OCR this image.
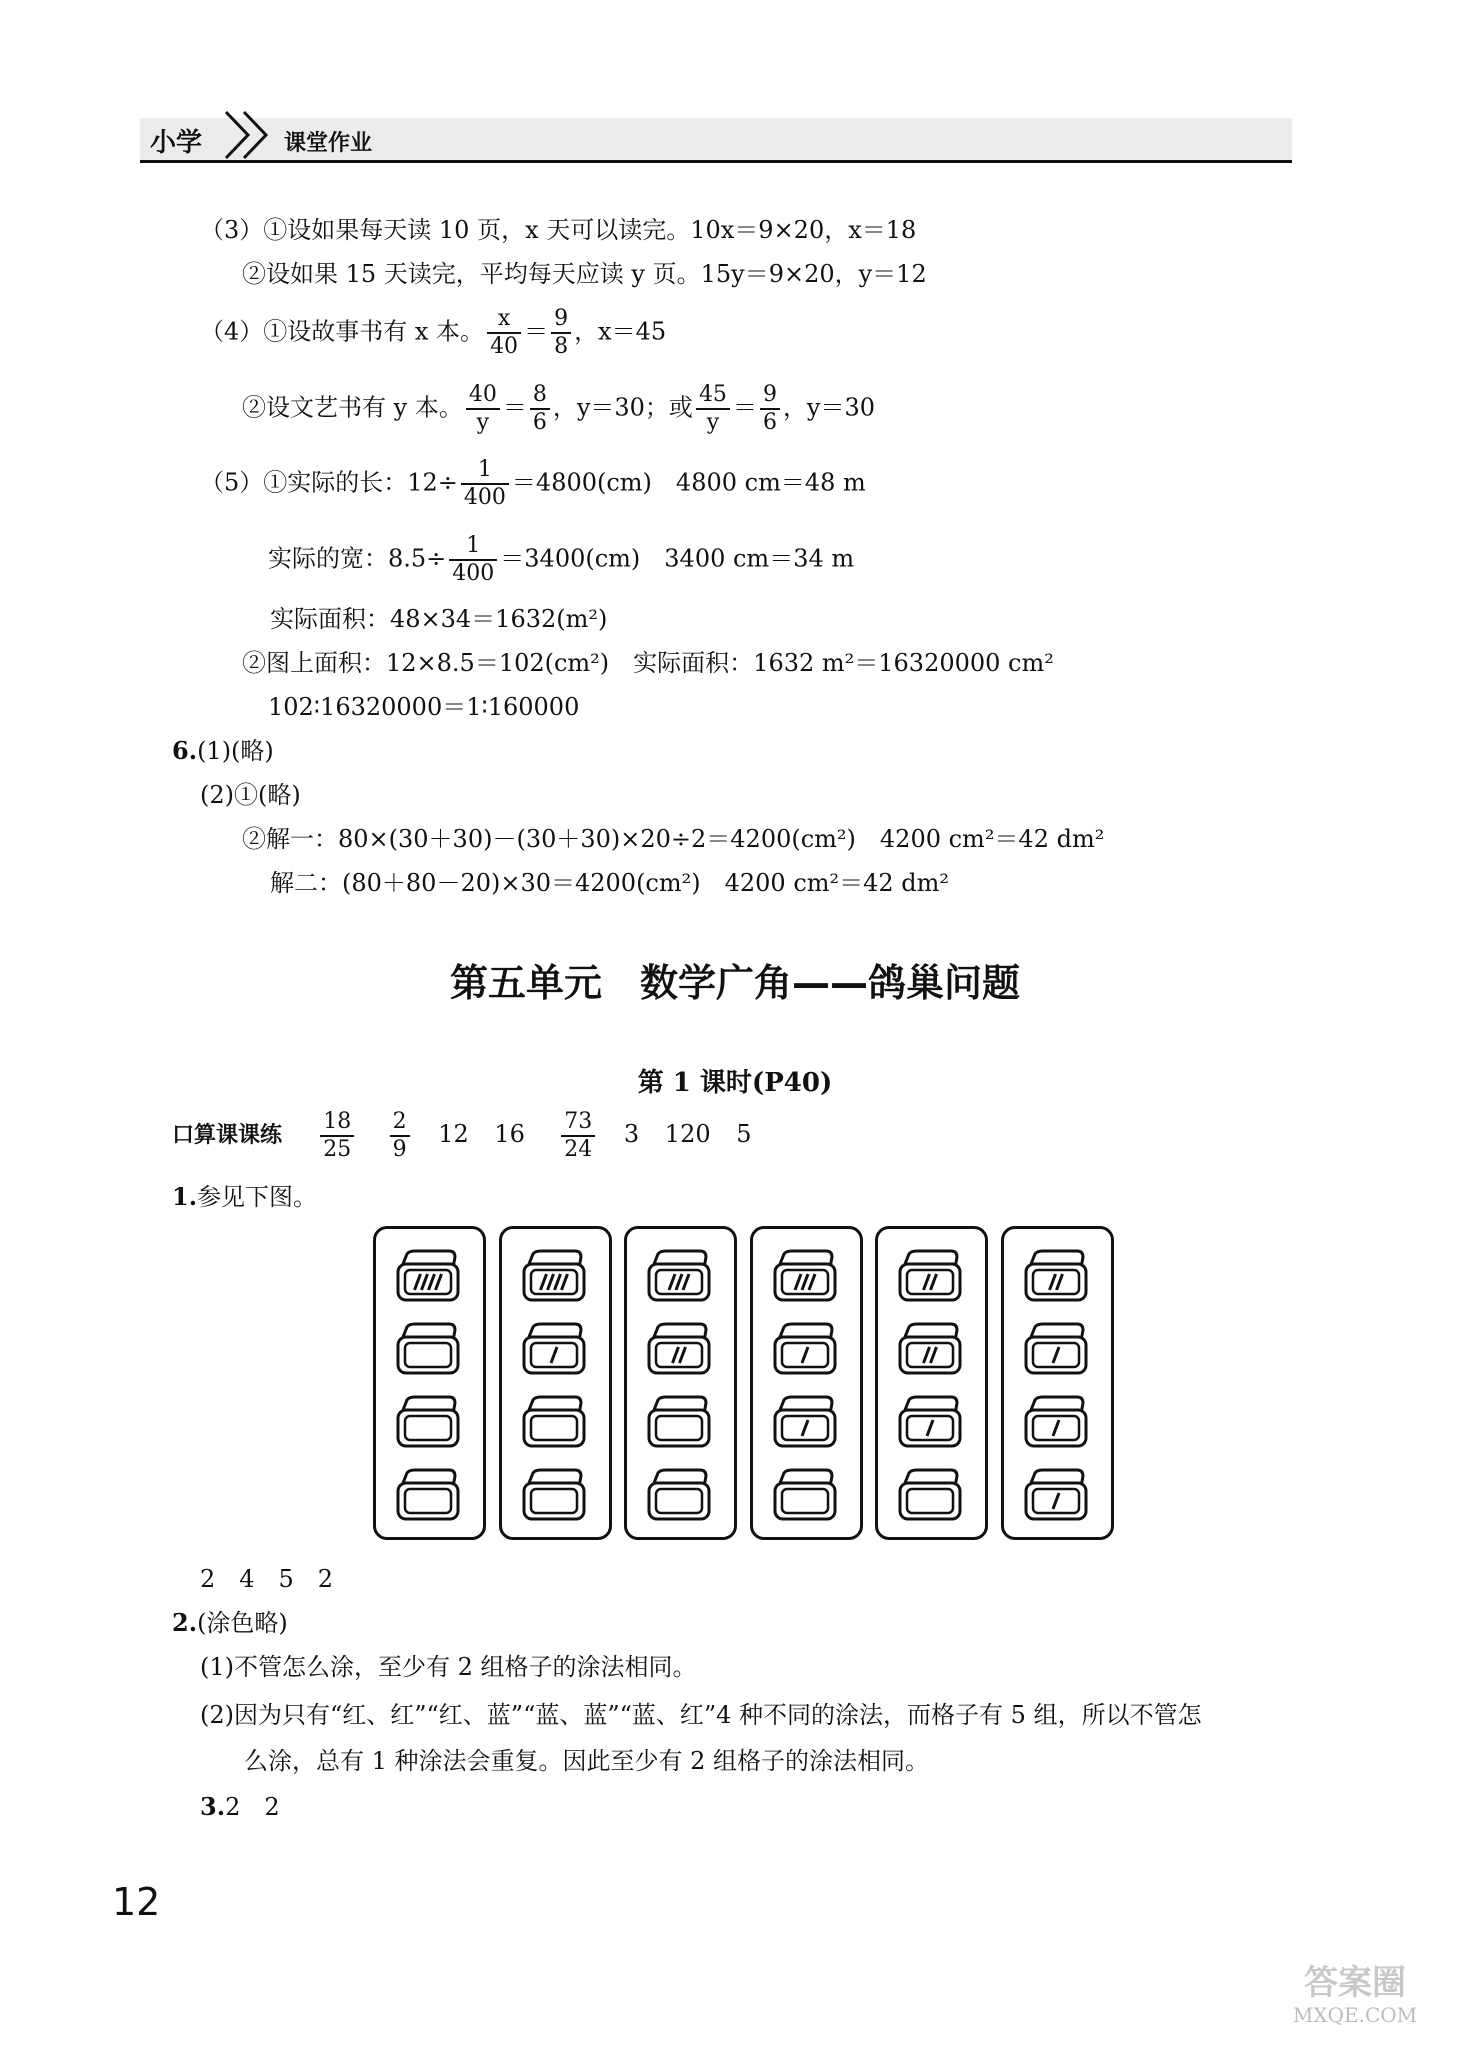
小学	课堂作业
（3）①设如果每天读 10 页，x 天可以读完。10x＝9×20，x＝18
②设如果 15 天读完，平均每天应读 y 页。15y＝9×20，y＝12
（4）①设故事书有 x 本。 $\frac{x}{40} = \frac{9}{8}$ ，x＝45
②设文艺书有 y 本。 $\frac{40}{y} = \frac{8}{6}$ ，y＝30；或 $\frac{45}{y} = \frac{9}{6}$ ，y＝30
（5）①实际的长：$12\div \frac{1}{400} =4800(cm)$　4800 cm＝48 m
实际的宽：$8.5\div \frac{1}{400} =3400(cm)$　3400 cm＝34 m
实际面积：48×34＝1632(m²)
②图上面积：12×8.5＝102(cm²)　实际面积：1632 m²＝16320000 cm²
102∶16320000＝1∶160000
6.(1)(略)
(2)①(略)
②解一：80×(30＋30)－(30＋30)×20÷2＝4200(cm²)　4200 cm²＝42 dm²
解二：(80＋80－20)×30＝4200(cm²)　4200 cm²＝42 dm²
第五单元　数学广角——鸽巢问题
第 1 课时(P40)
口算课课练 $\frac{18}{25}$
$\frac{2}{9} 12$ $16 \frac{73}{24} 3$ 120 5
1.参见下图。
2　4　5　2
2.(涂色略)
(1)不管怎么涂，至少有 2 组格子的涂法相同。
(2)因为只有“红、红”“红、蓝”“蓝、蓝”“蓝、红”4 种不同的涂法，而格子有 5 组，所以不管怎
么涂，总有 1 种涂法会重复。因此至少有 2 组格子的涂法相同。
3.2　2
12
答案圈
MXQE.COM
